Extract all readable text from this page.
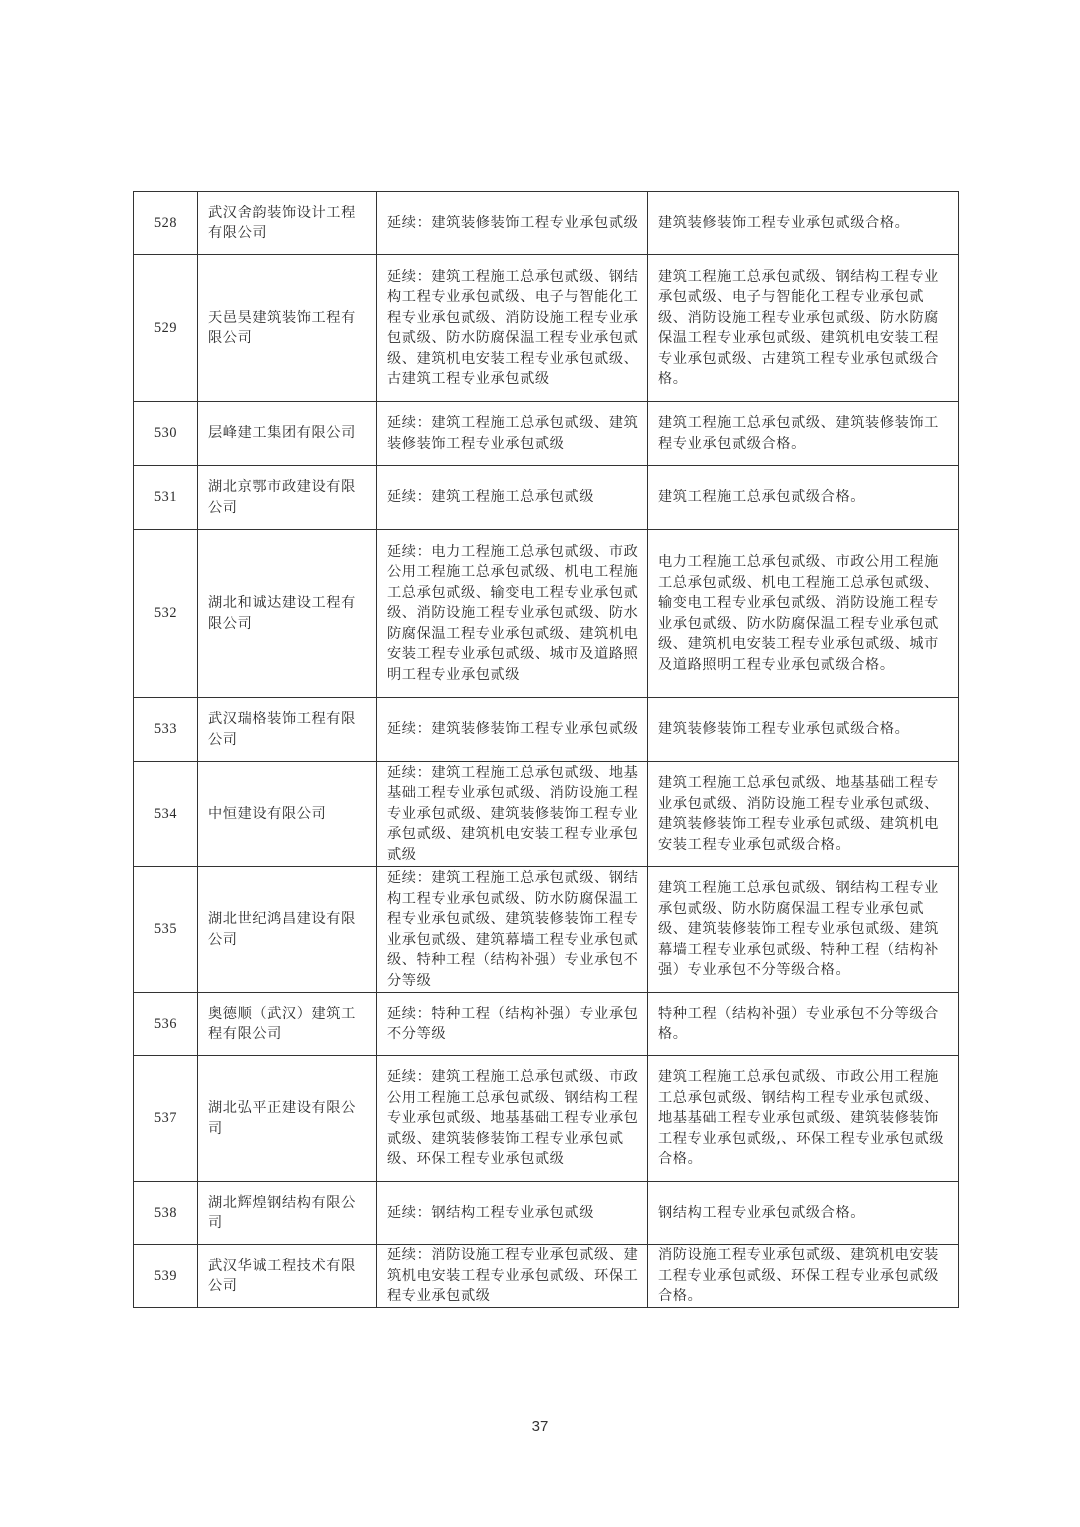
528	武汉舍韵装饰设计工程有限公司	延续：建筑装修装饰工程专业承包贰级	建筑装修装饰工程专业承包贰级合格。
529	天邑昊建筑装饰工程有限公司	延续：建筑工程施工总承包贰级、钢结构工程专业承包贰级、电子与智能化工程专业承包贰级、消防设施工程专业承包贰级、防水防腐保温工程专业承包贰级、建筑机电安装工程专业承包贰级、古建筑工程专业承包贰级	建筑工程施工总承包贰级、钢结构工程专业承包贰级、电子与智能化工程专业承包贰级、消防设施工程专业承包贰级、防水防腐保温工程专业承包贰级、建筑机电安装工程专业承包贰级、古建筑工程专业承包贰级合格。
530	层峰建工集团有限公司	延续：建筑工程施工总承包贰级、建筑装修装饰工程专业承包贰级	建筑工程施工总承包贰级、建筑装修装饰工程专业承包贰级合格。
531	湖北京鄂市政建设有限公司	延续：建筑工程施工总承包贰级	建筑工程施工总承包贰级合格。
532	湖北和诚达建设工程有限公司	延续：电力工程施工总承包贰级、市政公用工程施工总承包贰级、机电工程施工总承包贰级、输变电工程专业承包贰级、消防设施工程专业承包贰级、防水防腐保温工程专业承包贰级、建筑机电安装工程专业承包贰级、城市及道路照明工程专业承包贰级	电力工程施工总承包贰级、市政公用工程施工总承包贰级、机电工程施工总承包贰级、输变电工程专业承包贰级、消防设施工程专业承包贰级、防水防腐保温工程专业承包贰级、建筑机电安装工程专业承包贰级、城市及道路照明工程专业承包贰级合格。
533	武汉瑞格装饰工程有限公司	延续：建筑装修装饰工程专业承包贰级	建筑装修装饰工程专业承包贰级合格。
534	中恒建设有限公司	延续：建筑工程施工总承包贰级、地基基础工程专业承包贰级、消防设施工程专业承包贰级、建筑装修装饰工程专业承包贰级、建筑机电安装工程专业承包贰级	建筑工程施工总承包贰级、地基基础工程专业承包贰级、消防设施工程专业承包贰级、建筑装修装饰工程专业承包贰级、建筑机电安装工程专业承包贰级合格。
535	湖北世纪鸿昌建设有限公司	延续：建筑工程施工总承包贰级、钢结构工程专业承包贰级、防水防腐保温工程专业承包贰级、建筑装修装饰工程专业承包贰级、建筑幕墙工程专业承包贰级、特种工程（结构补强）专业承包不分等级	建筑工程施工总承包贰级、钢结构工程专业承包贰级、防水防腐保温工程专业承包贰级、建筑装修装饰工程专业承包贰级、建筑幕墙工程专业承包贰级、特种工程（结构补强）专业承包不分等级合格。
536	奥德顺（武汉）建筑工程有限公司	延续：特种工程（结构补强）专业承包不分等级	特种工程（结构补强）专业承包不分等级合格。
537	湖北弘平正建设有限公司	延续：建筑工程施工总承包贰级、市政公用工程施工总承包贰级、钢结构工程专业承包贰级、地基基础工程专业承包贰级、建筑装修装饰工程专业承包贰级、环保工程专业承包贰级	建筑工程施工总承包贰级、市政公用工程施工总承包贰级、钢结构工程专业承包贰级、地基基础工程专业承包贰级、建筑装修装饰工程专业承包贰级,、环保工程专业承包贰级合格。
538	湖北辉煌钢结构有限公司	延续：钢结构工程专业承包贰级	钢结构工程专业承包贰级合格。
539	武汉华诚工程技术有限公司	延续：消防设施工程专业承包贰级、建筑机电安装工程专业承包贰级、环保工程专业承包贰级	消防设施工程专业承包贰级、建筑机电安装工程专业承包贰级、环保工程专业承包贰级合格。
37
